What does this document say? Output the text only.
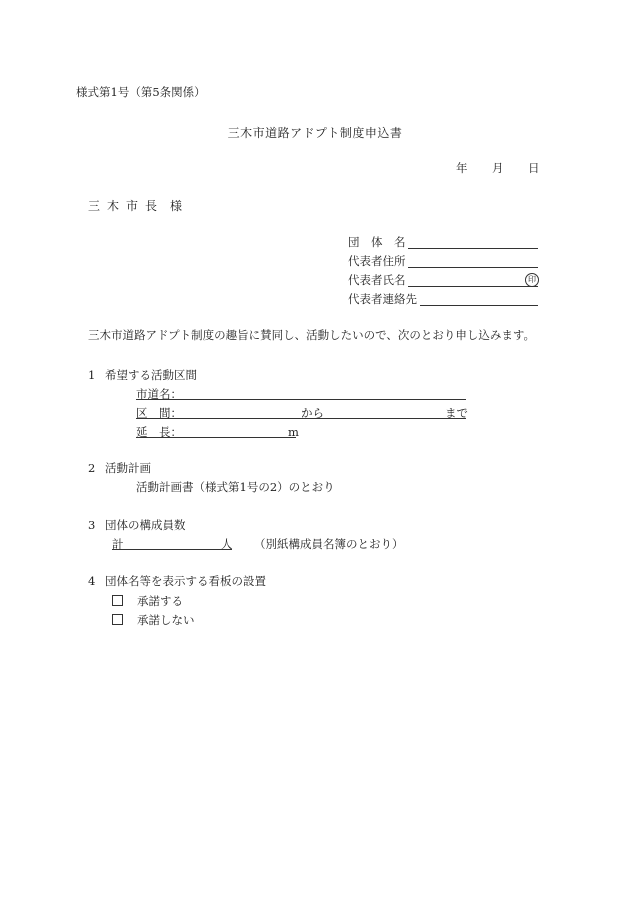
様式第1号（第5条関係）
三木市道路アドプト制度申込書
年 月 日
三木市長 様
団　体　名
代表者住所
代表者氏名	印
代表者連絡先
三木市道路アドプト制度の趣旨に賛同し、活動したいので、次のとおり申し込みます。
1 希望する活動区間
市道名：
区　間：	から	まで
延　長：	m
2 活動計画
活動計画書（様式第1号の2）のとおり
3 団体の構成員数
計	人 （別紙構成員名簿のとおり）
4 団体名等を表示する看板の設置
承諾する
承諾しない
